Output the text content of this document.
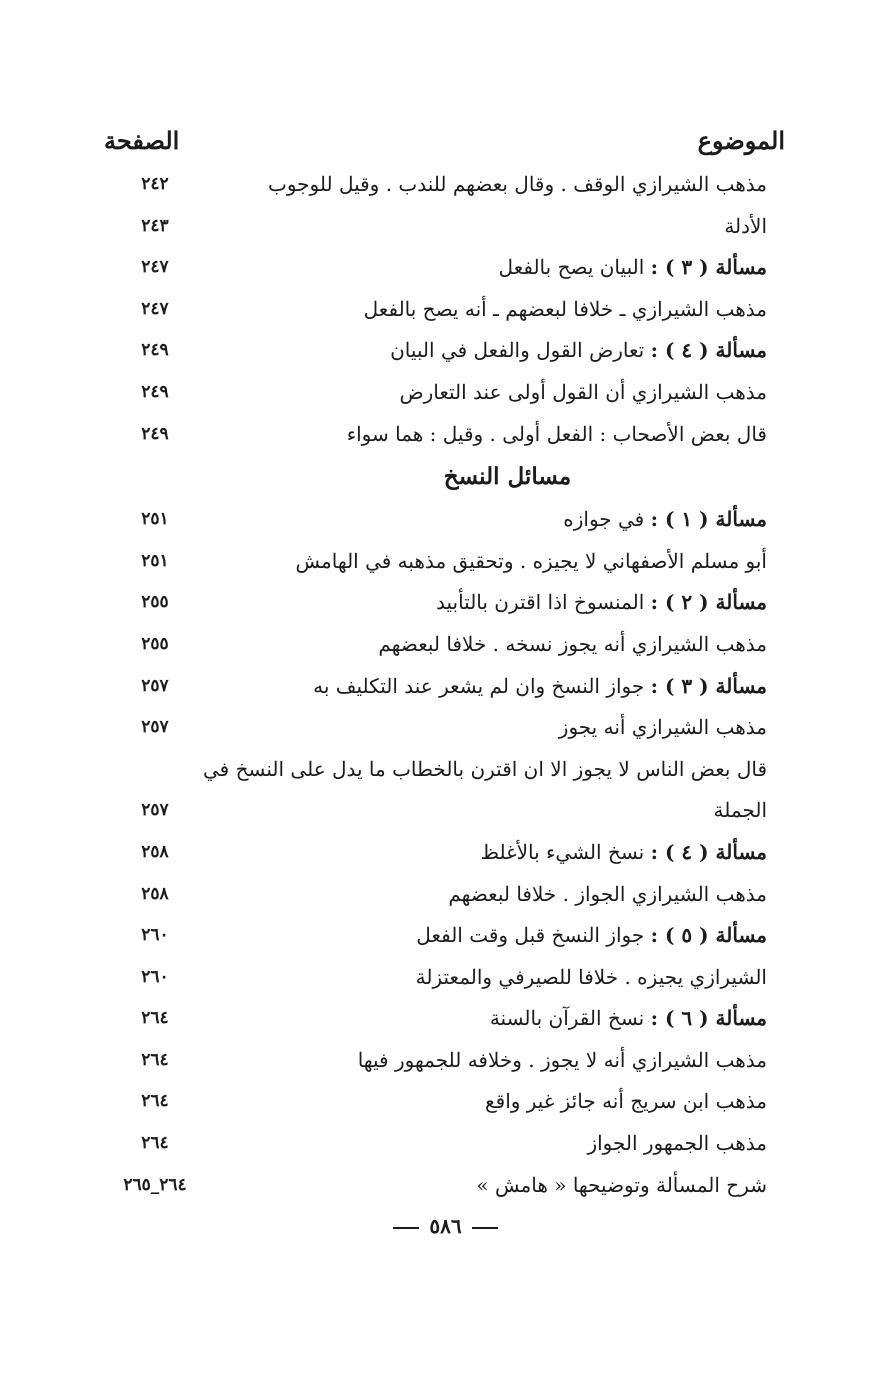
الموضوع
الصفحة
مذهب الشيرازي الوقف . وقال بعضهم للندب . وقيل للوجوب
٢٤٢
الأدلة
٢٤٣
مسألة ( ٣ ) : البيان يصح بالفعل
٢٤٧
مذهب الشيرازي ـ خلافا لبعضهم ـ أنه يصح بالفعل
٢٤٧
مسألة ( ٤ ) : تعارض القول والفعل في البيان
٢٤٩
مذهب الشيرازي أن القول أولى عند التعارض
٢٤٩
قال بعض الأصحاب : الفعل أولى . وقيل : هما سواء
٢٤٩
مسائل النسخ
مسألة ( ١ ) : في جوازه
٢٥١
أبو مسلم الأصفهاني لا يجيزه . وتحقيق مذهبه في الهامش
٢٥١
مسألة ( ٢ ) : المنسوخ اذا اقترن بالتأبيد
٢٥٥
مذهب الشيرازي أنه يجوز نسخه . خلافا لبعضهم
٢٥٥
مسألة ( ٣ ) : جواز النسخ وان لم يشعر عند التكليف به
٢٥٧
مذهب الشيرازي أنه يجوز
٢٥٧
قال بعض الناس لا يجوز الا ان اقترن بالخطاب ما يدل على النسخ في
الجملة
٢٥٧
مسألة ( ٤ ) : نسخ الشيء بالأغلظ
٢٥٨
مذهب الشيرازي الجواز . خلافا لبعضهم
٢٥٨
مسألة ( ٥ ) : جواز النسخ قبل وقت الفعل
٢٦٠
الشيرازي يجيزه . خلافا للصيرفي والمعتزلة
٢٦٠
مسألة ( ٦ ) : نسخ القرآن بالسنة
٢٦٤
مذهب الشيرازي أنه لا يجوز . وخلافه للجمهور فيها
٢٦٤
مذهب ابن سريج أنه جائز غير واقع
٢٦٤
مذهب الجمهور الجواز
٢٦٤
شرح المسألة وتوضيحها « هامش »
٢٦٤_٢٦٥
٥٨٦
